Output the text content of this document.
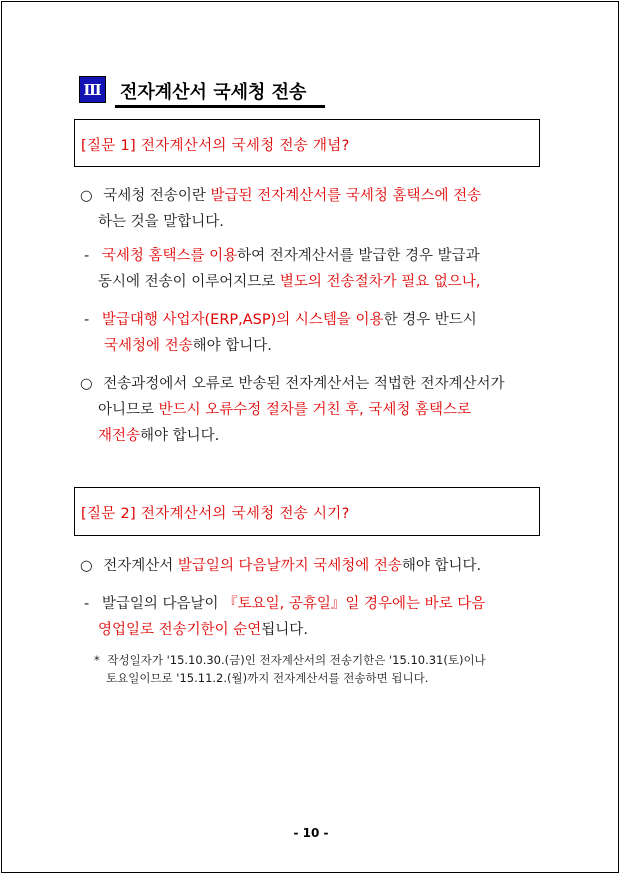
Ⅲ 전자계산서 국세청 전송
[질문 1] 전자계산서의 국세청 전송 개념?
○ 국세청 전송이란 발급된 전자계산서를 국세청 홈택스에 전송
하는 것을 말합니다.
- 국세청 홈택스를 이용하여 전자계산서를 발급한 경우 발급과
동시에 전송이 이루어지므로 별도의 전송절차가 필요 없으나,
- 발급대행 사업자(ERP,ASP)의 시스템을 이용한 경우 반드시
국세청에 전송해야 합니다.
○ 전송과정에서 오류로 반송된 전자계산서는 적법한 전자계산서가
아니므로 반드시 오류수정 절차를 거친 후, 국세청 홈택스로
재전송해야 합니다.
[질문 2] 전자계산서의 국세청 전송 시기?
○ 전자계산서 발급일의 다음날까지 국세청에 전송해야 합니다.
- 발급일의 다음날이 『토요일, 공휴일』일 경우에는 바로 다음
영업일로 전송기한이 순연됩니다.
* 작성일자가 '15.10.30.(금)인 전자계산서의 전송기한은 '15.10.31(토)이나
토요일이므로 '15.11.2.(월)까지 전자계산서를 전송하면 됩니다.
- 10 -
